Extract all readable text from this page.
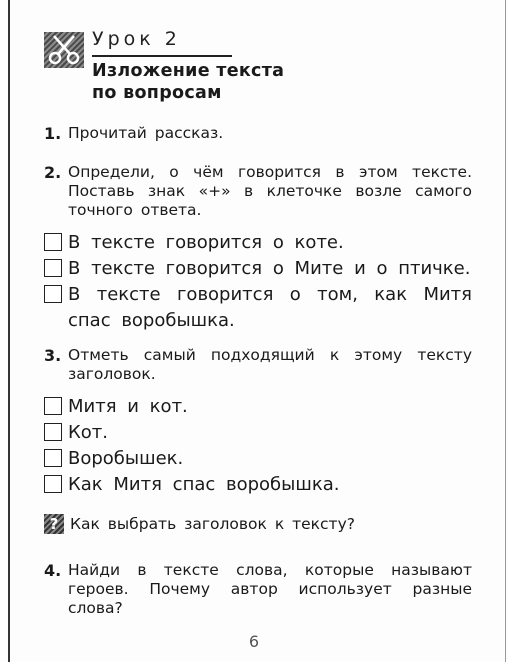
Урок 2
Изложение текста
по вопросам
1. Прочитай рассказ.
2. Определи, о чём говорится в этом тексте. Поставь знак «+» в клеточке возле самого точного ответа.
В тексте говорится о коте.
В тексте говорится о Мите и о птичке.
В тексте говорится о том, как Митя спас воробышка.
3. Отметь самый подходящий к этому тексту заголовок.
Митя и кот.
Кот.
Воробышек.
Как Митя спас воробышка.
? Как выбрать заголовок к тексту?
4. Найди в тексте слова, которые называют героев. Почему автор использует разные слова?
6
